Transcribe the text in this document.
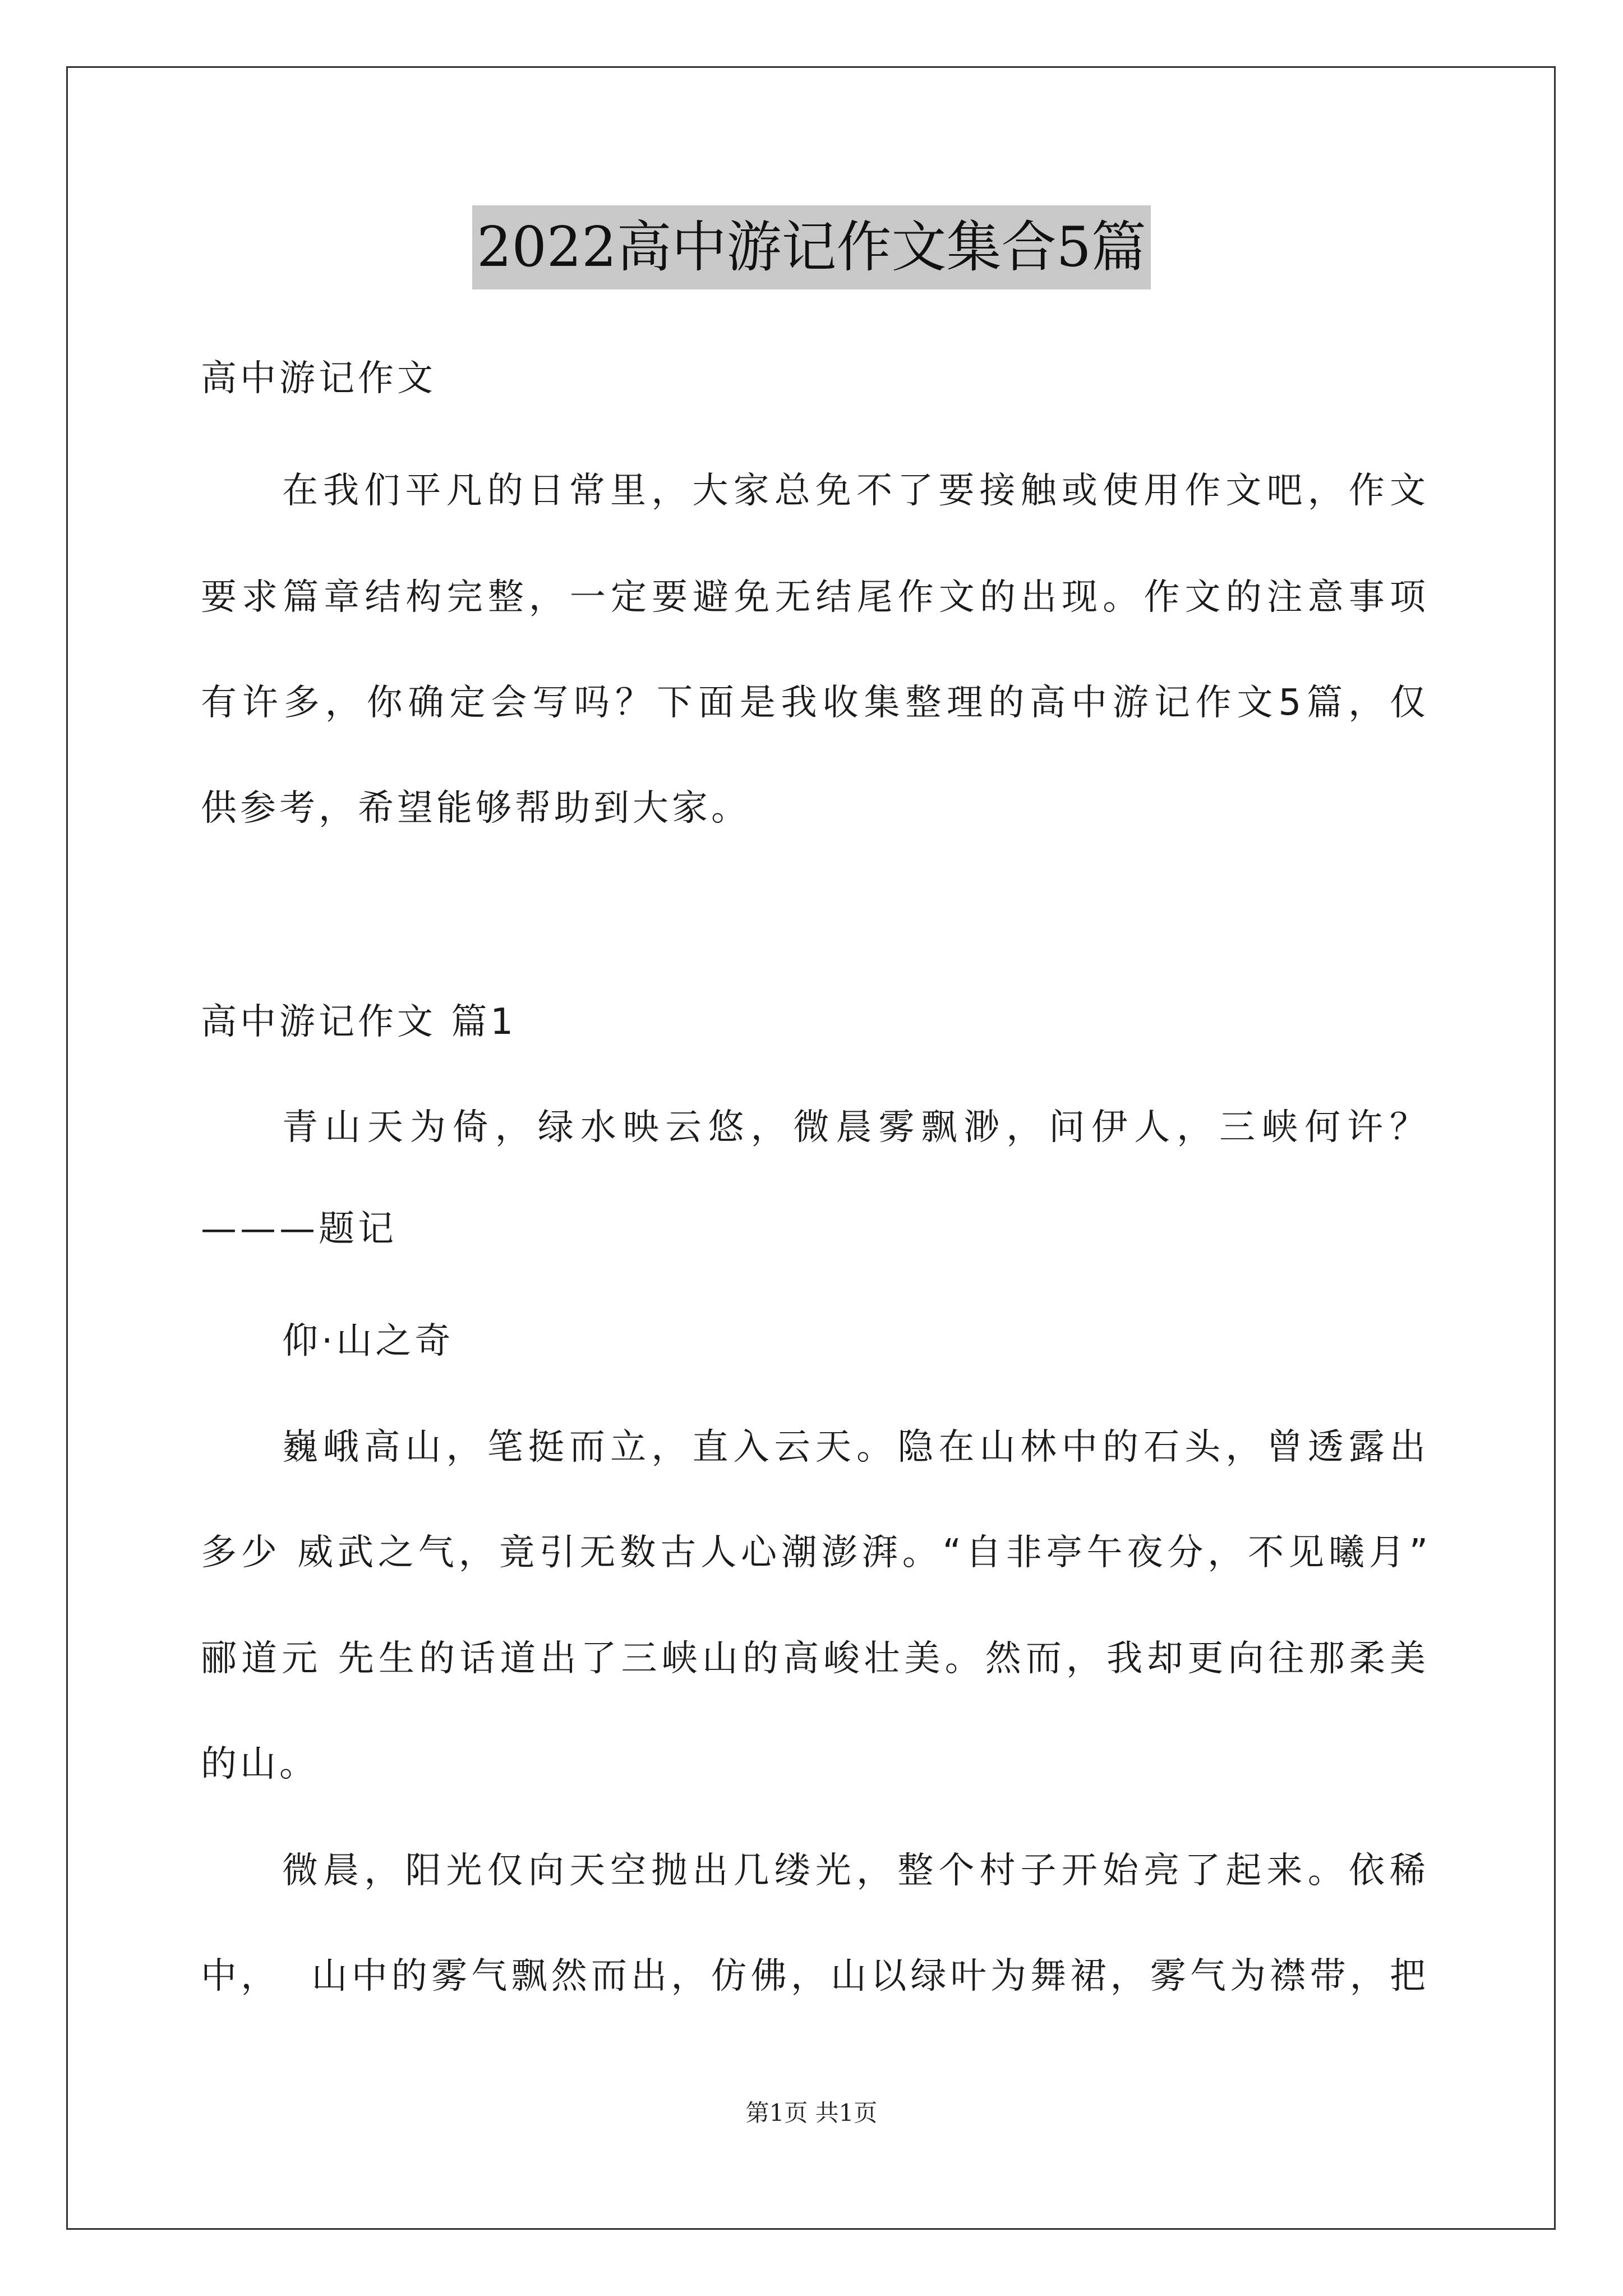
2022高中游记作文集合5篇
高中游记作文
在我们平凡的日常里，大家总免不了要接触或使用作文吧，作文
要求篇章结构完整，一定要避免无结尾作文的出现。作文的注意事项
有许多，你确定会写吗？下面是我收集整理的高中游记作文5篇，仅
供参考，希望能够帮助到大家。
高中游记作文 篇1
青山天为倚，绿水映云悠，微晨雾飘渺，问伊人，三峡何许？
———题记
仰·山之奇
巍峨高山，笔挺而立，直入云天。隐在山林中的石头，曾透露出
多少 威武之气，竟引无数古人心潮澎湃。“自非亭午夜分，不见曦月”
郦道元 先生的话道出了三峡山的高峻壮美。然而，我却更向往那柔美
的山。
微晨，阳光仅向天空抛出几缕光，整个村子开始亮了起来。依稀
中，  山中的雾气飘然而出，仿佛，山以绿叶为舞裙，雾气为襟带，把
第1页 共1页
